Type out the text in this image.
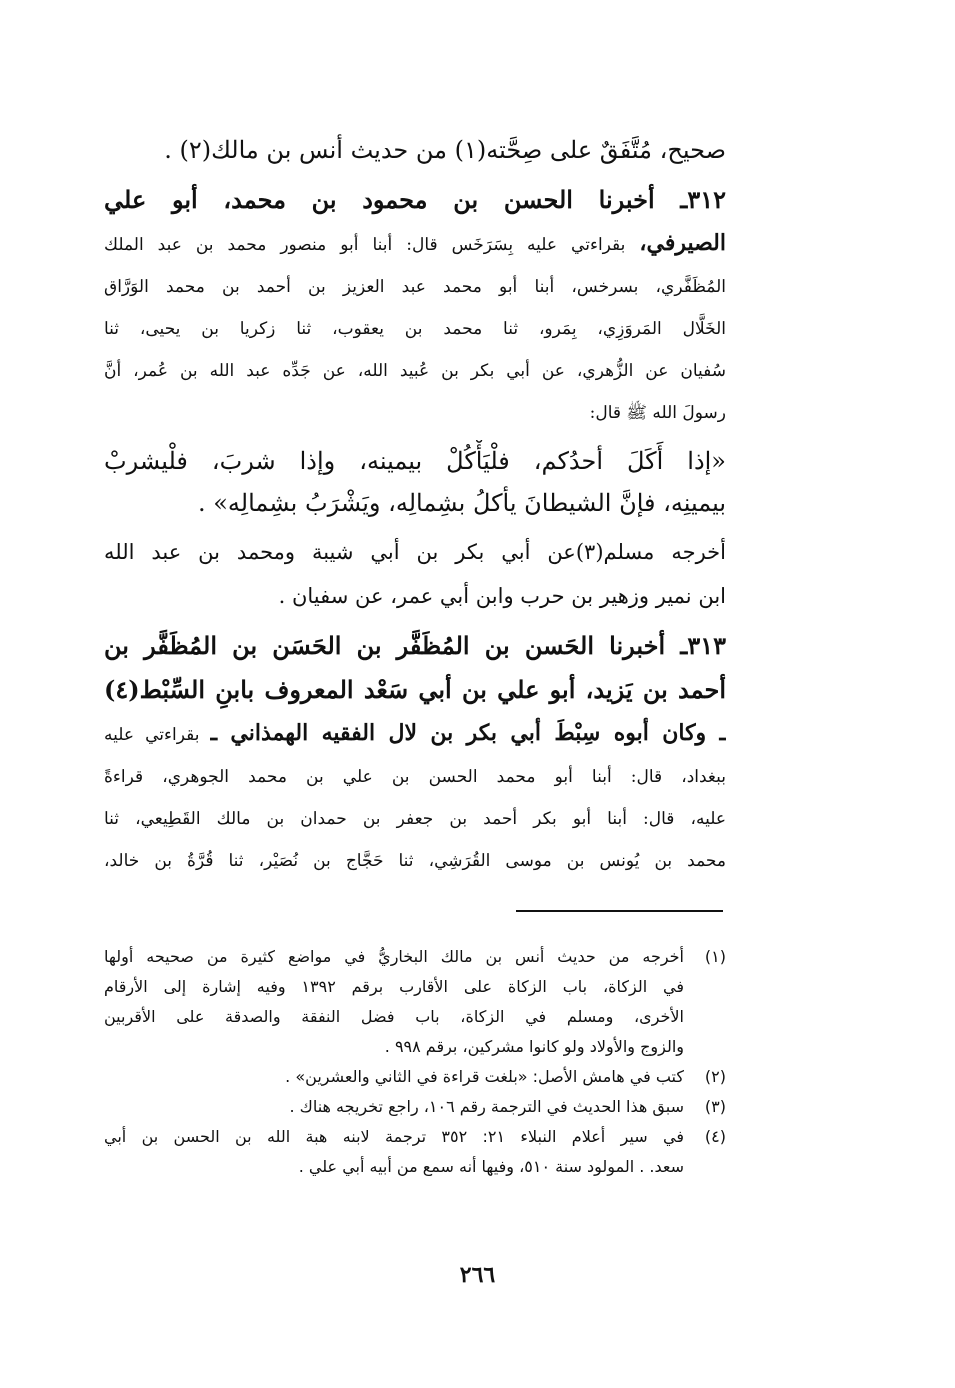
صحيح، مُتَّفَقٌ على صِحَّته(١) من حديث أنس بن مالك(٢) .
٣١٢ـ أخبرنا الحسن بن محمود بن محمد، أبو علي
الصيرفي، بقراءتي عليه بِسَرَخَس قال: أبنا أبو منصور محمد بن عبد الملك
المُظَفَّري، بسرخس، أبنا أبو محمد عبد العزيز بن أحمد بن محمد الوَرَّاق
الخَلَّال المَروَزِي، بِمَرو، ثنا محمد بن يعقوب، ثنا زكريا بن يحيى، ثنا
سُفيان عن الزُّهري، عن أبي بكر بن عُبيد الله، عن جَدِّه عبد الله بن عُمر، أنَّ
رسولَ الله ﷺ قال:
«إذا أَكَلَ أحدُكم، فلْيَأْكُلْ بيمينه، وإذا شربَ، فلْيشربْ
بيمينِه، فإنَّ الشيطانَ يأكلُ بشِمالِه، ويَشْرَبُ بشِمالِه» .
أخرجه مسلم(٣)عن أبي بكر بن أبي شيبة ومحمد بن عبد الله
ابن نمير وزهير بن حرب وابن أبي عمر، عن سفيان .
٣١٣ـ أخبرنا الحَسن بن المُظَفَّر بن الحَسَن بن المُظَفَّر بن
أحمد بن يَزيد، أبو علي بن أبي سَعْد المعروف بابنِ السِّبْط(٤)
ـ وكان أبوه سِبْطَ أبي بكر بن لال الفقيه الهمذاني ـ بقراءتي عليه
ببغداد، قال: أبنا أبو محمد الحسن بن علي بن محمد الجوهري، قراءةً
عليه، قال: أبنا أبو بكر أحمد بن جعفر بن حمدان بن مالك القَطِيعي، ثنا
محمد بن يُونس بن موسى القُرَشِي، ثنا حَجَّاج بن نُصَيْر، ثنا قُرَّةُ بن خالد،
(١)
أخرجه من حديث أنس بن مالك البخاريُّ في مواضع كثيرة من صحيحه أولها
في الزكاة، باب الزكاة على الأقارب برقم ١٣٩٢ وفيه إشارة إلى الأرقام
الأخرى، ومسلم في الزكاة، باب فضل النفقة والصدقة على الأقربين
والزوج والأولاد ولو كانوا مشركين، برقم ٩٩٨ .
(٢)
كتب في هامش الأصل: «بلغت قراءة في الثاني والعشرين» .
(٣)
سبق هذا الحديث في الترجمة رقم ١٠٦، راجع تخريجه هناك .
(٤)
في سير أعلام النبلاء ٢١: ٣٥٢ ترجمة لابنه هبة الله بن الحسن بن أبي
سعد. . المولود سنة ٥١٠، وفيها أنه سمع من أبيه أبي علي .
٢٦٦
